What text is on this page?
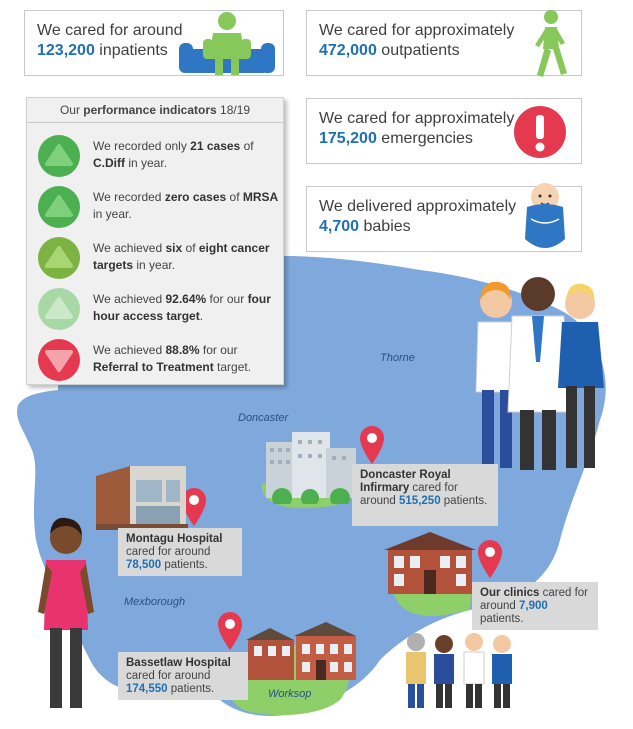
We cared for around
123,200 inpatients
We cared for approximately
472,000 outpatients
We cared for approximately
175,200 emergencies
We delivered approximately
4,700 babies
Our performance indicators 18/19
We recorded only 21 cases of C.Diff in year.
We recorded zero cases of MRSA in year.
We achieved six of eight cancer targets in year.
We achieved 92.64% for our four hour access target.
We achieved 88.8% for our Referral to Treatment target.
Thorne
Doncaster
Mexborough
Worksop
Doncaster Royal Infirmary cared for around 515,250 patients.
Montagu Hospital
cared for around
78,500 patients.
Our clinics cared for around 7,900 patients.
Bassetlaw Hospital
cared for around
174,550 patients.
